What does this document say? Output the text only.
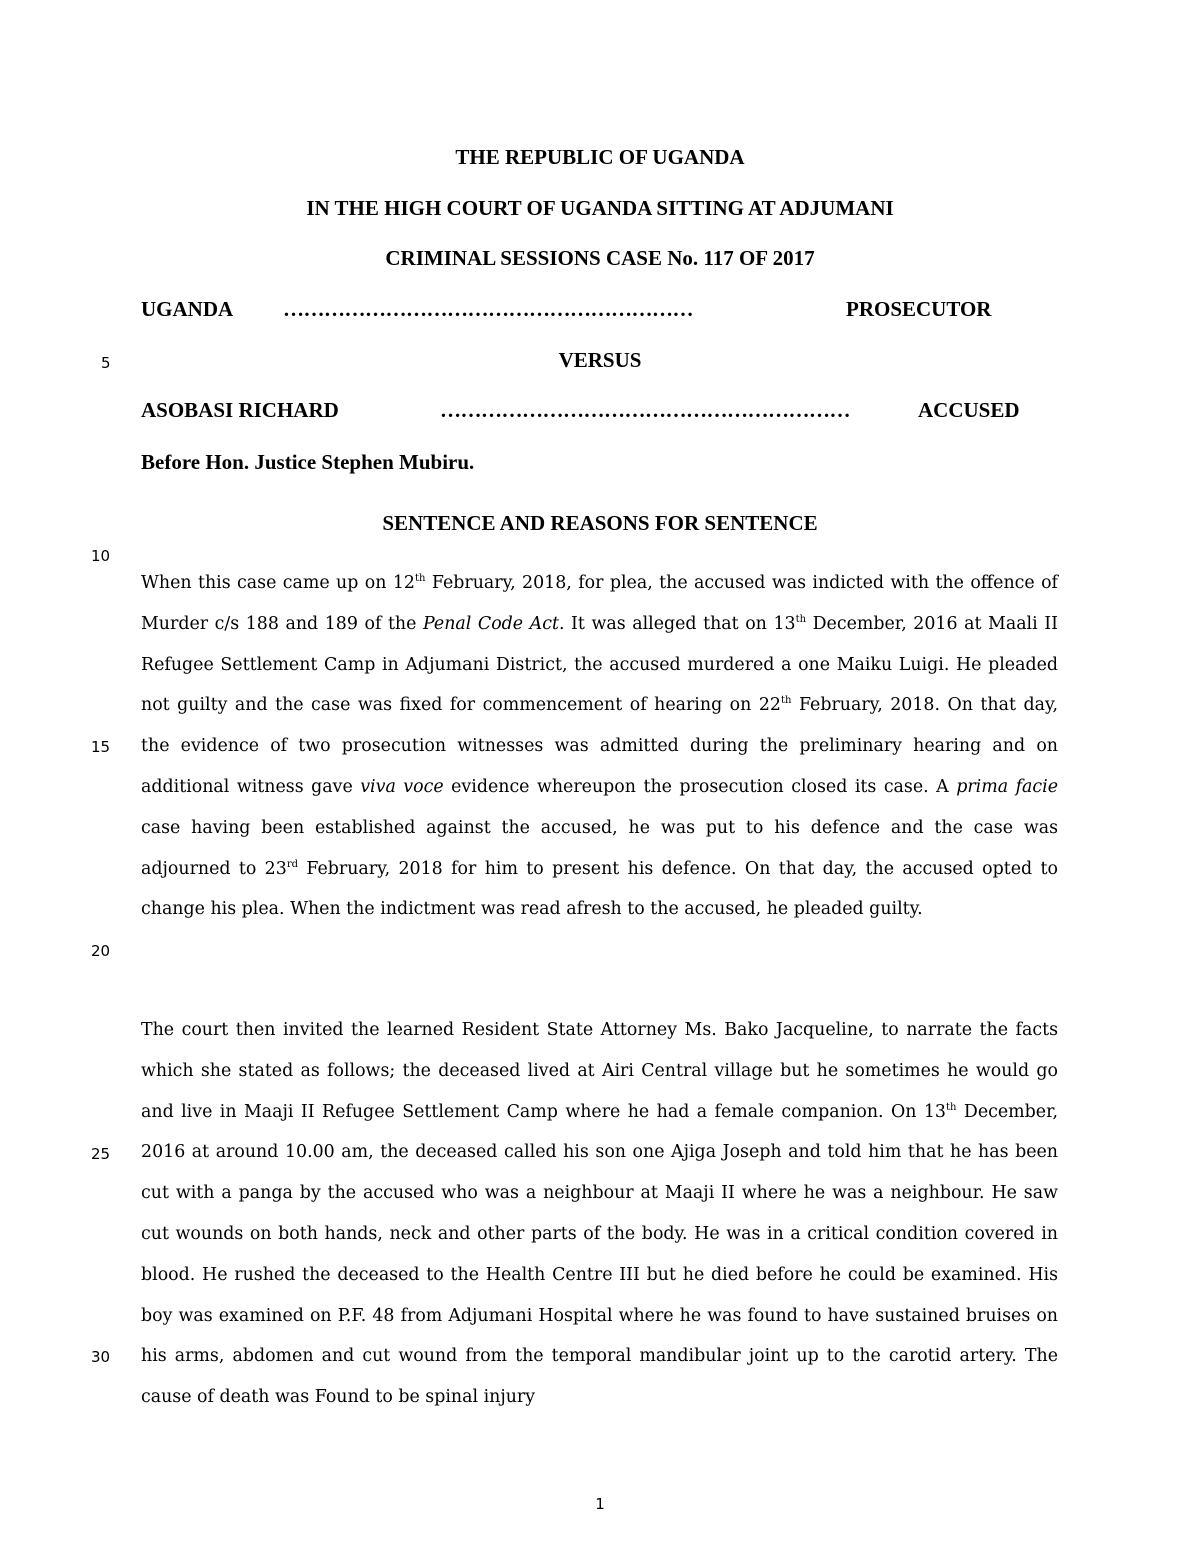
THE REPUBLIC OF UGANDA
IN THE HIGH COURT OF UGANDA SITTING AT ADJUMANI
CRIMINAL SESSIONS CASE No. 117 OF 2017
UGANDA ……………………………………………………	PROSECUTOR
5	VERSUS
ASOBASI RICHARD	……………………………………………………	ACCUSED
Before Hon. Justice Stephen Mubiru.
SENTENCE AND REASONS FOR SENTENCE
10

When this case came up on 12th February, 2018, for plea, the accused was indicted with the offence of Murder c/s 188 and 189 of the Penal Code Act. It was alleged that on 13th December, 2016 at Maali II Refugee Settlement Camp in Adjumani District, the accused murdered a one Maiku Luigi. He pleaded not guilty and the case was fixed for commencement of hearing on 22th February, 2018. On that day, the evidence of two prosecution witnesses was admitted during the preliminary hearing and on additional witness gave viva voce evidence whereupon the prosecution closed its case. A prima facie case having been established against the accused, he was put to his defence and the case was adjourned to 23rd February, 2018 for him to present his defence. On that day, the accused opted to change his plea. When the indictment was read afresh to the accused, he pleaded guilty.

15
20

The court then invited the learned Resident State Attorney Ms. Bako Jacqueline, to narrate the facts which she stated as follows; the deceased lived at Airi Central village but he sometimes he would go and live in Maaji II Refugee Settlement Camp where he had a female companion. On 13th December, 2016 at around 10.00 am, the deceased called his son one Ajiga Joseph and told him that he has been cut with a panga by the accused who was a neighbour at Maaji II where he was a neighbour. He saw cut wounds on both hands, neck and other parts of the body. He was in a critical condition covered in blood. He rushed the deceased to the Health Centre III but he died before he could be examined. His boy was examined on P.F. 48 from Adjumani Hospital where he was found to have sustained bruises on his arms, abdomen and cut wound from the temporal mandibular joint up to the carotid artery. The cause of death was Found to be spinal injury

25
30
1
